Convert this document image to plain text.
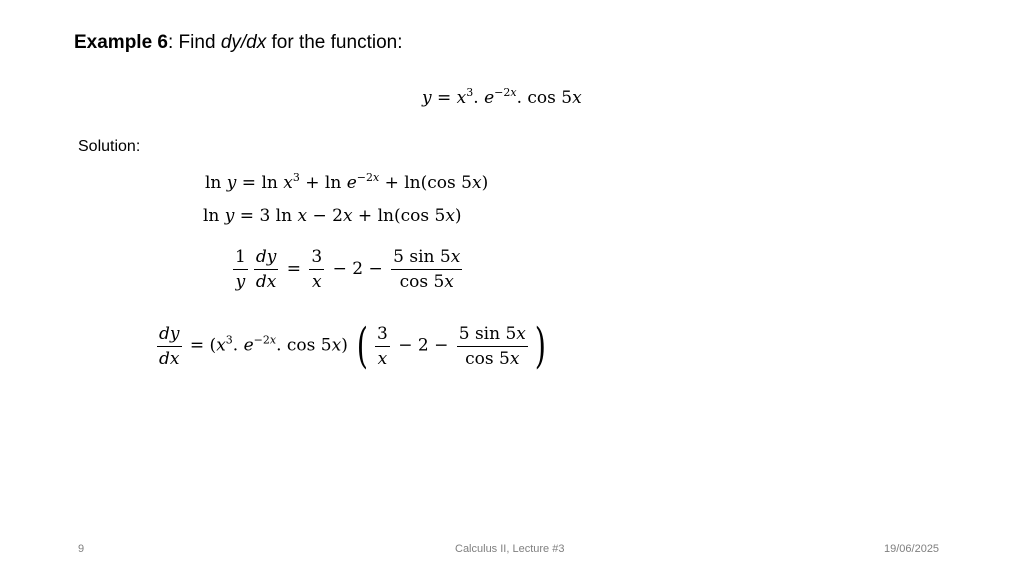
Example 6: Find dy/dx for the function:
$y = x^3$. $e^{-2x}$. cos 5x
Solution:
$\ln y = \ln x^3 + \ln e^{-2x} + \ln(\cos$ 5x)
ln y = 3 ln x − 2x + ln(cos 5x)
$\frac{1}{y} \frac{dy}{dx} = \frac{3}{x} - 2 - \frac{5 \sin 5x}{\cos 5x}$
$\frac{dy}{dx} = (x^3$. $e^{-2x}$. cos 5x) ( $\frac{3}{x} - 2 - \frac{5 \sin 5x}{\cos 5x}$ )
9	Calculus II, Lecture #3	19/06/2025
